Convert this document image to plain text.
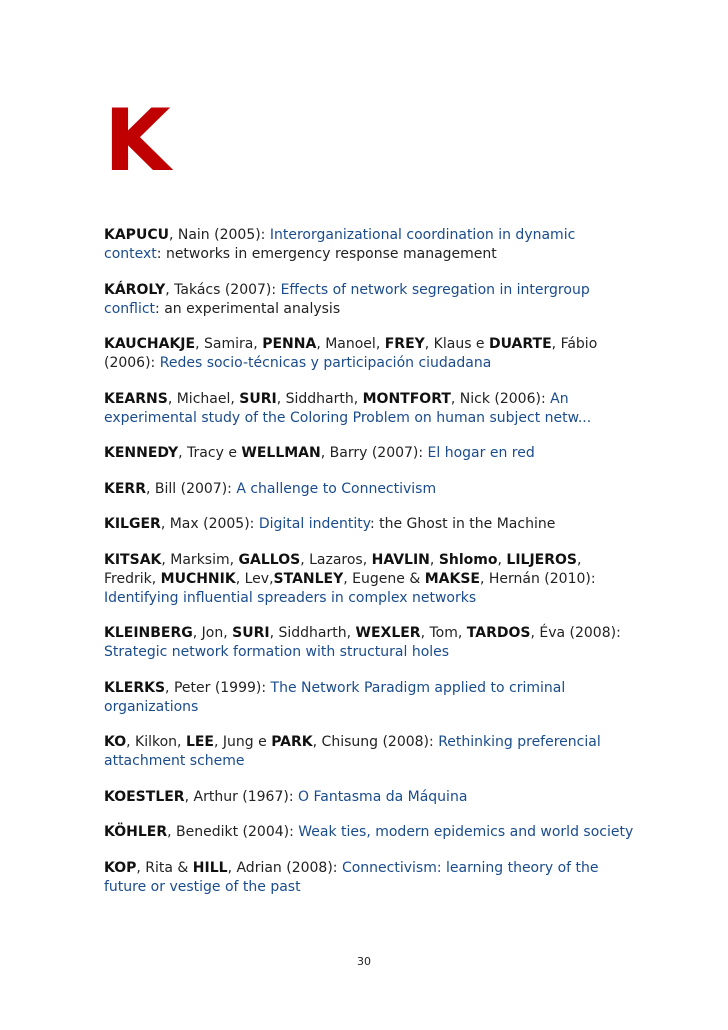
K

KAPUCU, Nain (2005): Interorganizational coordination in dynamic context: networks in emergency response management

KÁROLY, Takács (2007): Effects of network segregation in intergroup conflict: an experimental analysis

KAUCHAKJE, Samira, PENNA, Manoel, FREY, Klaus e DUARTE, Fábio (2006): Redes socio-técnicas y participación ciudadana

KEARNS, Michael, SURI, Siddharth, MONTFORT, Nick (2006): An experimental study of the Coloring Problem on human subject netw...

KENNEDY, Tracy e WELLMAN, Barry (2007): El hogar en red

KERR, Bill (2007): A challenge to Connectivism

KILGER, Max (2005): Digital indentity: the Ghost in the Machine

KITSAK, Marksim, GALLOS, Lazaros, HAVLIN, Shlomo, LILJEROS, Fredrik, MUCHNIK, Lev,STANLEY, Eugene & MAKSE, Hernán (2010): Identifying influential spreaders in complex networks

KLEINBERG, Jon, SURI, Siddharth, WEXLER, Tom, TARDOS, Éva (2008): Strategic network formation with structural holes

KLERKS, Peter (1999): The Network Paradigm applied to criminal organizations

KO, Kilkon, LEE, Jung e PARK, Chisung (2008): Rethinking preferencial attachment scheme

KOESTLER, Arthur (1967): O Fantasma da Máquina

KÖHLER, Benedikt (2004): Weak ties, modern epidemics and world society

KOP, Rita & HILL, Adrian (2008): Connectivism: learning theory of the future or vestige of the past

30
